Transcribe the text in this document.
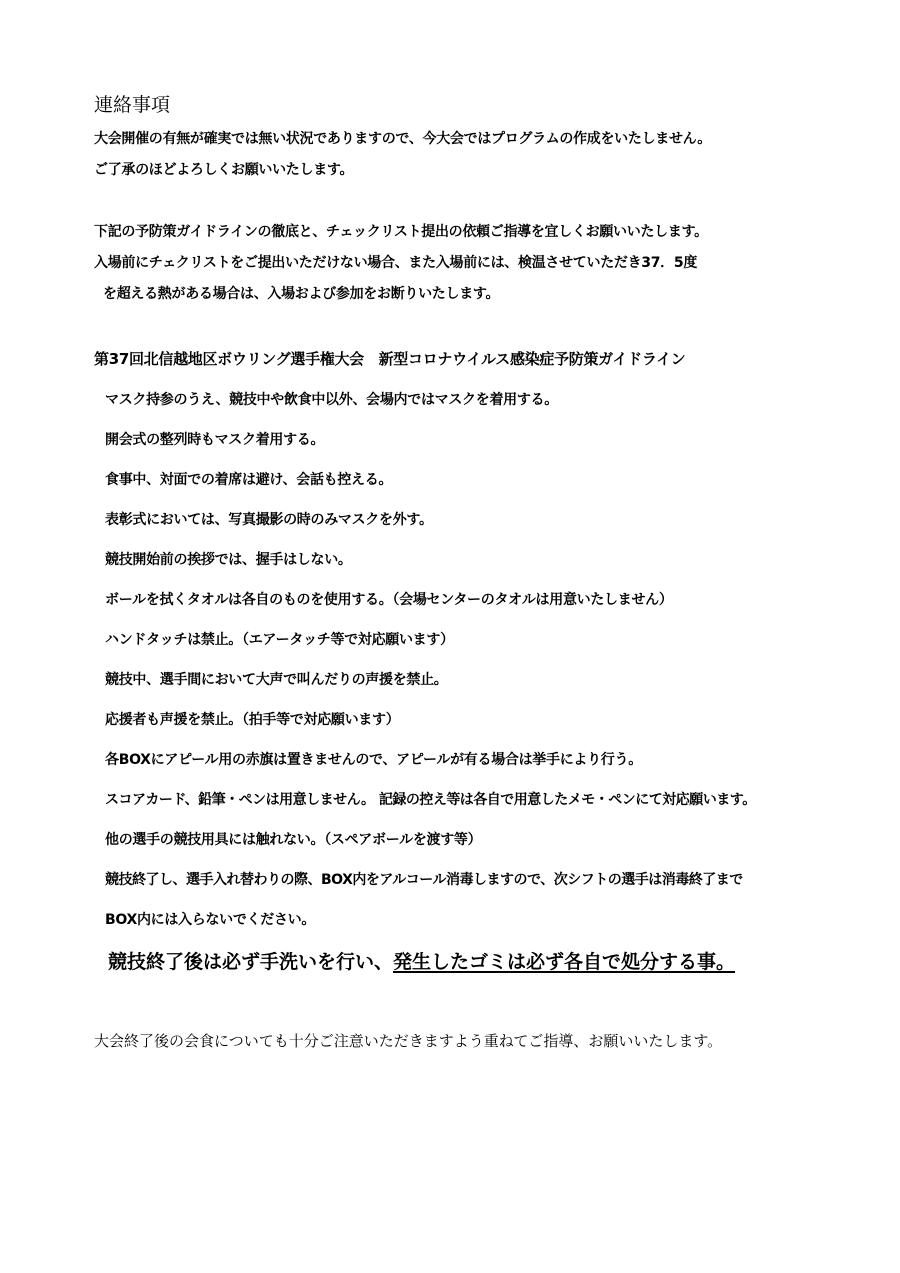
連絡事項
大会開催の有無が確実では無い状況でありますので、今大会ではプログラムの作成をいたしません。
ご了承のほどよろしくお願いいたします。
下記の予防策ガイドラインの徹底と、チェックリスト提出の依頼ご指導を宜しくお願いいたします。
入場前にチェクリストをご提出いただけない場合、また入場前には、検温させていただき37．5度
を超える熱がある場合は、入場および参加をお断りいたします。
第37回北信越地区ボウリング選手権大会　新型コロナウイルス感染症予防策ガイドライン
マスク持参のうえ、競技中や飲食中以外、会場内ではマスクを着用する。
開会式の整列時もマスク着用する。
食事中、対面での着席は避け、会話も控える。
表彰式においては、写真撮影の時のみマスクを外す。
競技開始前の挨拶では、握手はしない。
ボールを拭くタオルは各自のものを使用する。（会場センターのタオルは用意いたしません）
ハンドタッチは禁止。（エアータッチ等で対応願います）
競技中、選手間において大声で叫んだりの声援を禁止。
応援者も声援を禁止。（拍手等で対応願います）
各BOXにアピール用の赤旗は置きませんので、アピールが有る場合は挙手により行う。
スコアカード、鉛筆・ペンは用意しません。 記録の控え等は各自で用意したメモ・ペンにて対応願います。
他の選手の競技用具には触れない。（スペアボールを渡す等）
競技終了し、選手入れ替わりの際、BOX内をアルコール消毒しますので、次シフトの選手は消毒終了まで
BOX内には入らないでください。
競技終了後は必ず手洗いを行い、発生したゴミは必ず各自で処分する事。
大会終了後の会食についても十分ご注意いただきますよう重ねてご指導、お願いいたします。
